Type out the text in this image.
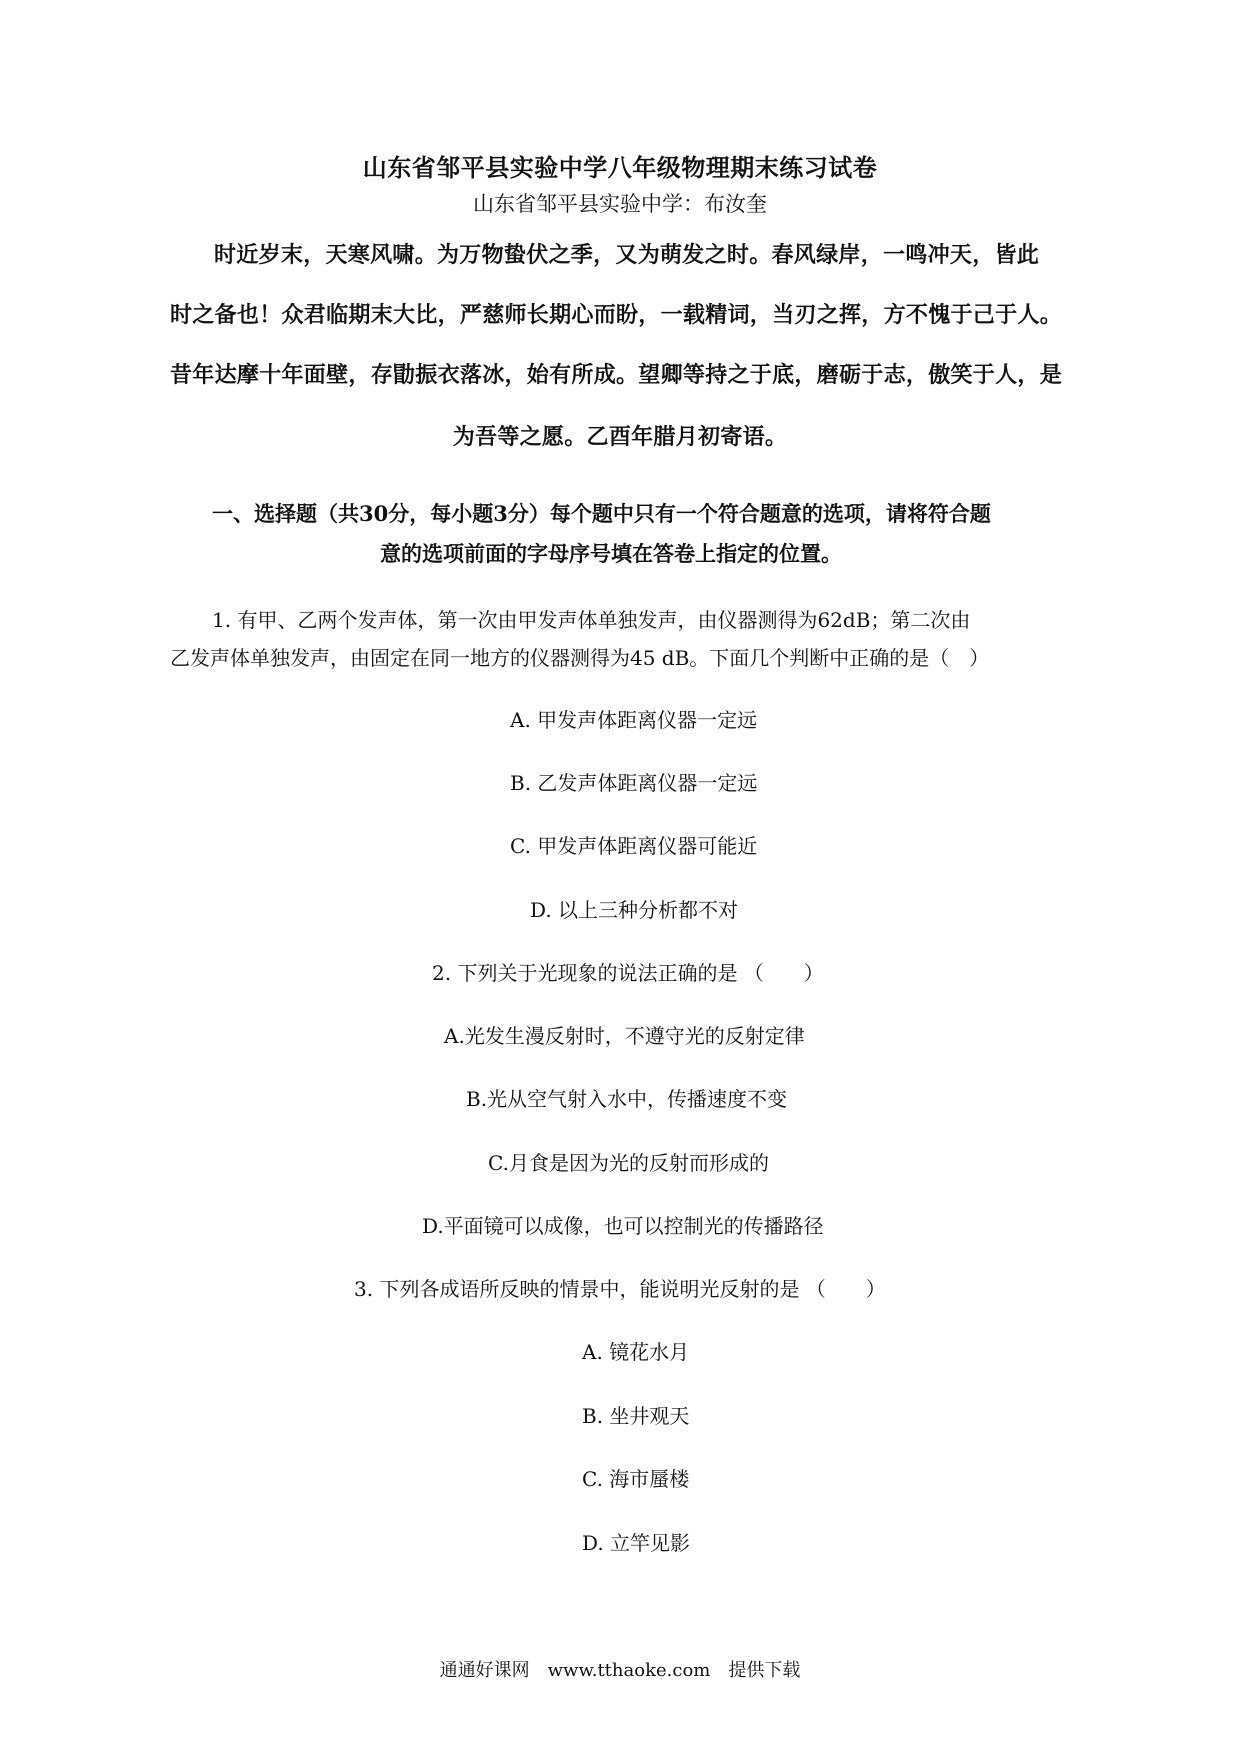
山东省邹平县实验中学八年级物理期末练习试卷
山东省邹平县实验中学：布汝奎
时近岁末，天寒风啸。为万物蛰伏之季，又为萌发之时。春风绿岸，一鸣冲天，皆此
时之备也！众君临期末大比，严慈师长期心而盼，一载精词，当刃之挥，方不愧于己于人。
昔年达摩十年面壁，存勖振衣落冰，始有所成。望卿等持之于底，磨砺于志，傲笑于人，是
为吾等之愿。乙酉年腊月初寄语。
一、选择题（共30分，每小题3分）每个题中只有一个符合题意的选项，请将符合题
意的选项前面的字母序号填在答卷上指定的位置。
1. 有甲、乙两个发声体，第一次由甲发声体单独发声，由仪器测得为62dB；第二次由
乙发声体单独发声，由固定在同一地方的仪器测得为45 dB。下面几个判断中正确的是（　）
A. 甲发声体距离仪器一定远
B. 乙发声体距离仪器一定远
C. 甲发声体距离仪器可能近
D. 以上三种分析都不对
2. 下列关于光现象的说法正确的是 （　　）
A.光发生漫反射时，不遵守光的反射定律
B.光从空气射入水中，传播速度不变
C.月食是因为光的反射而形成的
D.平面镜可以成像，也可以控制光的传播路径
3. 下列各成语所反映的情景中，能说明光反射的是 （　　）
A. 镜花水月
B. 坐井观天
C. 海市蜃楼
D. 立竿见影
通通好课网　www.tthaoke.com　提供下载
